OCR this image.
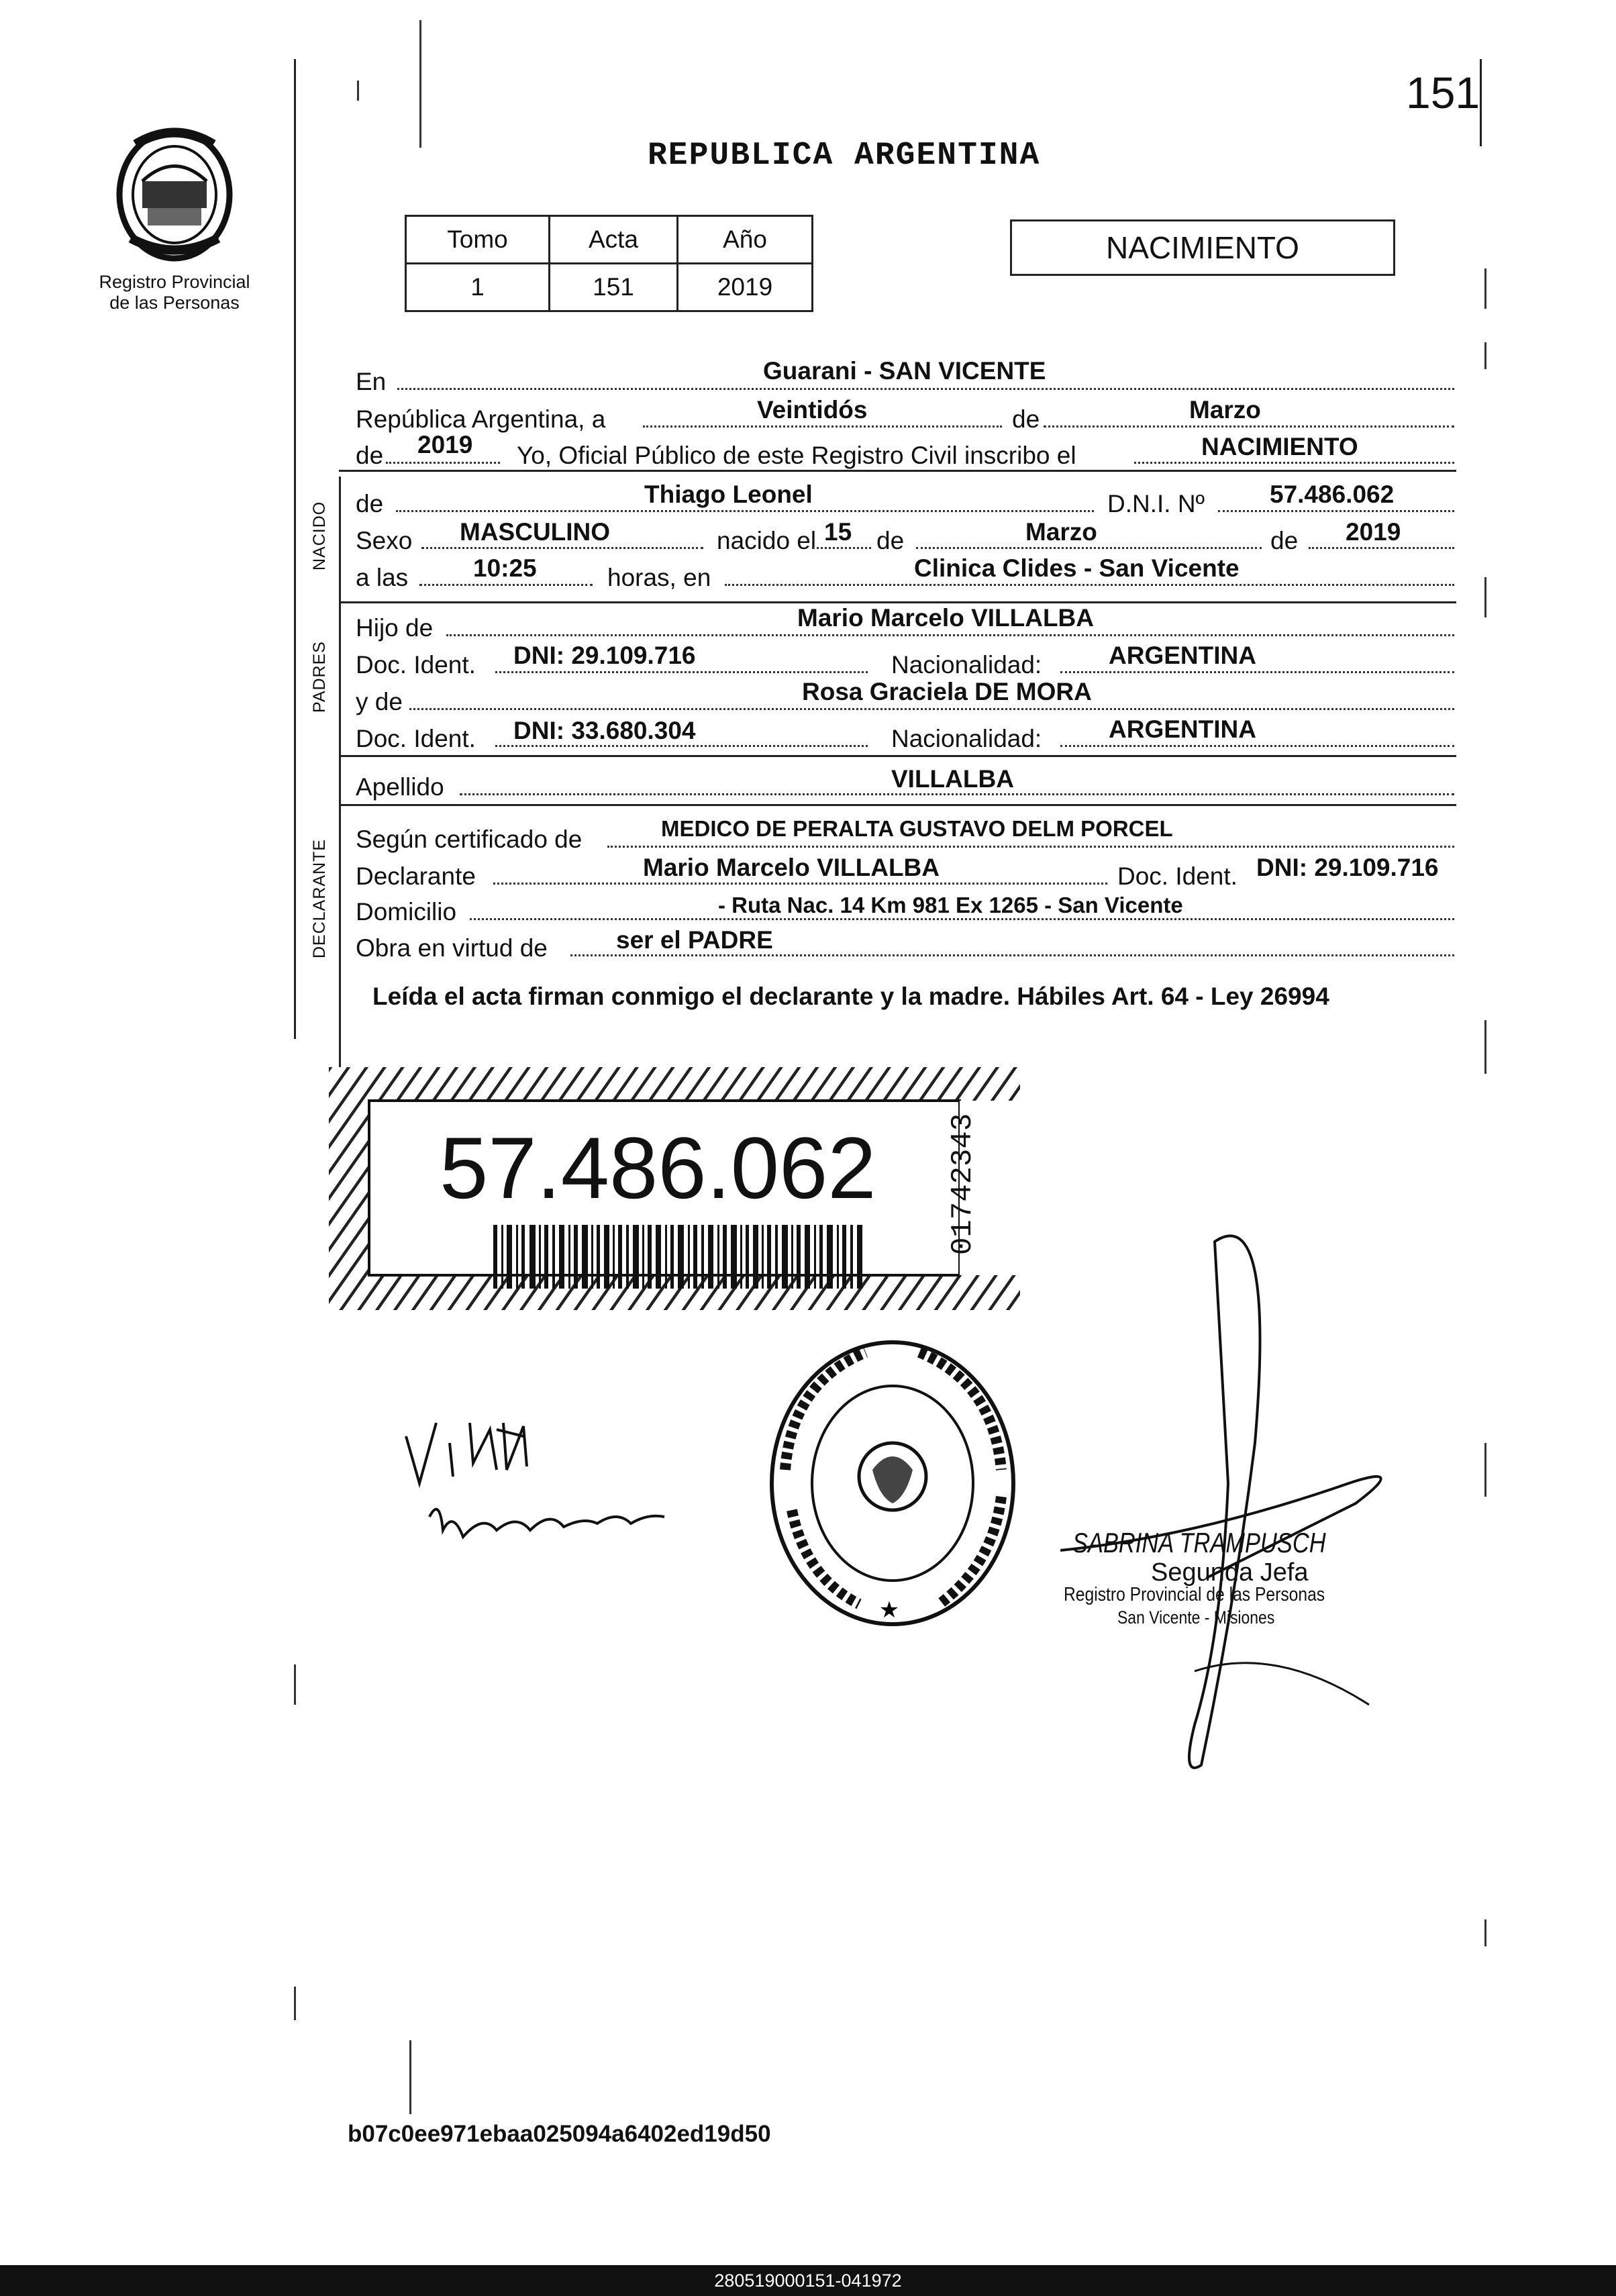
Registro Provincial
de las Personas
151
REPUBLICA ARGENTINA
Tomo	Acta	Año
1	151	2019
NACIMIENTO
NACIDO
PADRES
DECLARANTE
En	Guarani - SAN VICENTE
República Argentina, a	Veintidós	de	Marzo
de 2019 Yo, Oficial Público de este Registro Civil inscribo el	NACIMIENTO
de	Thiago Leonel	D.N.I. Nº	57.486.062
Sexo MASCULINO	nacido el 15 de	Marzo	de 2019
a las	10:25	horas, en	Clinica Clides - San Vicente
Hijo de	Mario Marcelo VILLALBA
Doc. Ident. DNI: 29.109.716	Nacionalidad:	ARGENTINA
y de	Rosa Graciela DE MORA
Doc. Ident. DNI: 33.680.304	Nacionalidad:	ARGENTINA
Apellido	VILLALBA
Según certificado de	MEDICO DE PERALTA GUSTAVO DELM PORCEL
Declarante	Mario Marcelo VILLALBA	Doc. Ident. DNI: 29.109.716
Domicilio	- Ruta Nac. 14 Km 981 Ex 1265 - San Vicente
Obra en virtud de	ser el PADRE
Leída el acta firman conmigo el declarante y la madre. Hábiles Art. 64 - Ley 26994
57.486.062 01742343
★
SABRINA TRAMPUSCH
Segunda Jefa
Registro Provincial de las Personas
San Vicente - Misiones
b07c0ee971ebaa025094a6402ed19d50
280519000151-041972
